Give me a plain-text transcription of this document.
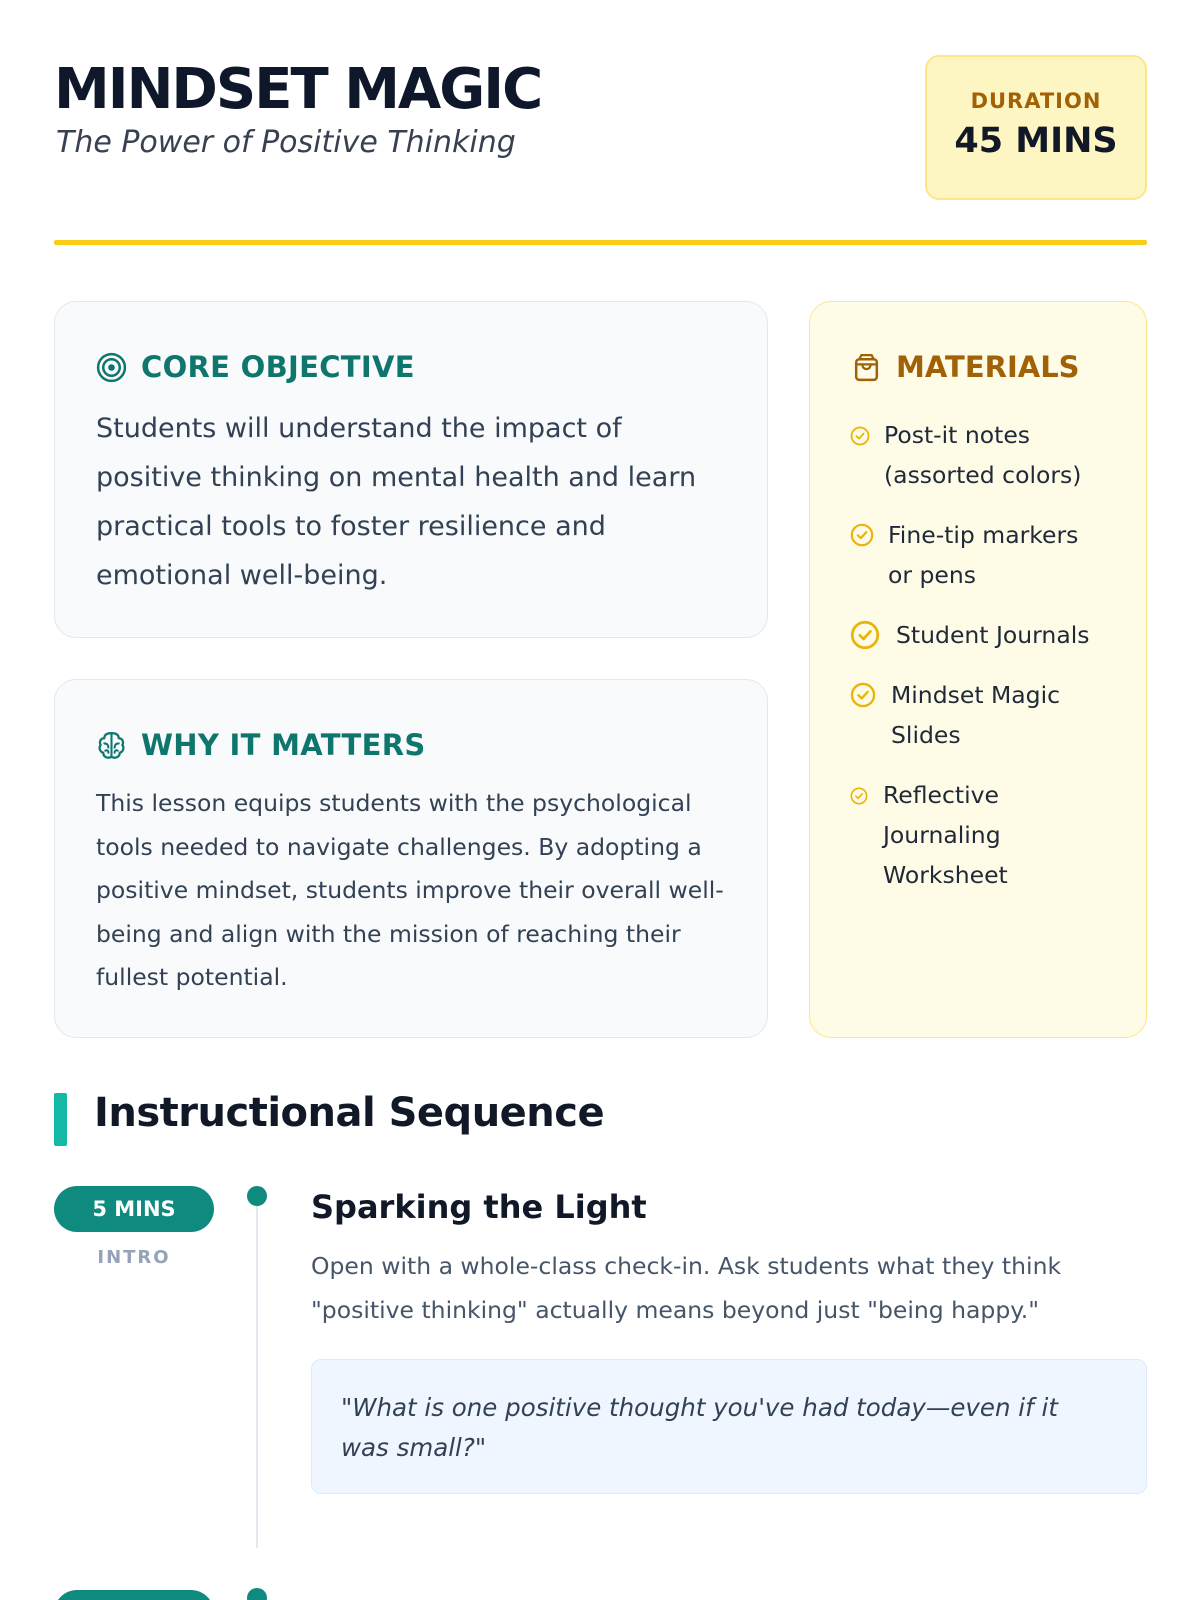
MINDSET MAGIC
The Power of Positive Thinking
DURATION
45 MINS
CORE OBJECTIVE
Students will understand the impact of positive thinking on mental health and learn practical tools to foster resilience and emotional well-being.
WHY IT MATTERS
This lesson equips students with the psychological tools needed to navigate challenges. By adopting a positive mindset, students improve their overall well-being and align with the mission of reaching their fullest potential.
MATERIALS
Post-it notes (assorted colors)
Fine-tip markers or pens
Student Journals
Mindset Magic Slides
Reflective Journaling Worksheet
Instructional Sequence
5 MINS
INTRO
Sparking the Light
Open with a whole-class check-in. Ask students what they think "positive thinking" actually means beyond just "being happy."
"What is one positive thought you've had today—even if it was small?"
